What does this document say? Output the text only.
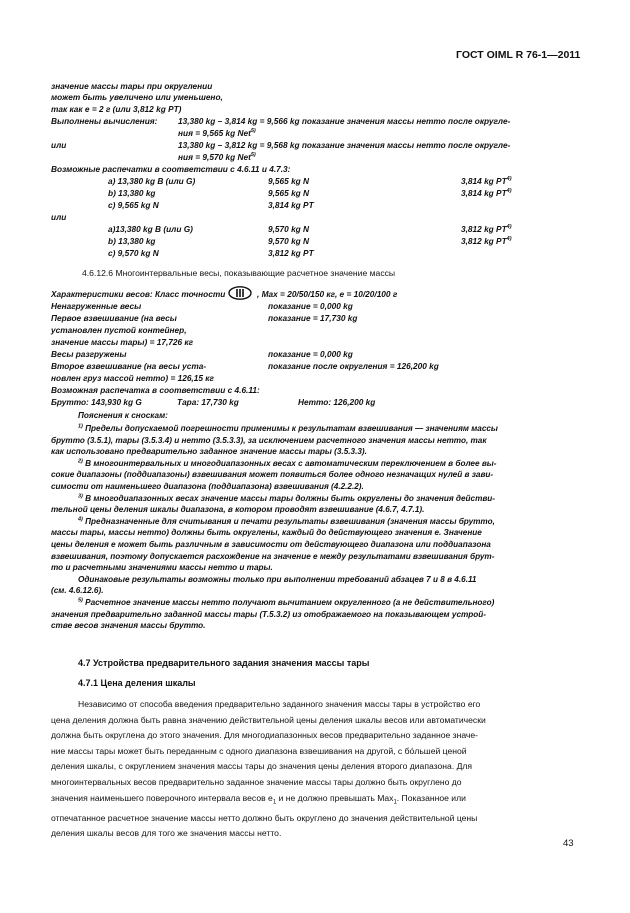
ГОСТ OIML R 76-1—2011
значение массы тары при округлении
может быть увеличено или уменьшено,
так как e = 2 г (или 3,812 kg PT)
Выполнены вычисления: 13,380 kg – 3,814 kg = 9,566 kg показание значения массы нетто после округле-
ния = 9,565 kg Net$^{5)}$
или	13,380 kg – 3,812 kg = 9,568 kg показание значения массы нетто после округле-
ния = 9,570 kg Net$^{5)}$
Возможные распечатки в соответствии с 4.6.11 и 4.7.3:
a) 13,380 kg B (или G)	9,565 kg N	3,814 kg PT$^{4)}$
b) 13,380 kg	9,565 kg N	3,814 kg PT$^{4)}$
c) 9,565 kg N	3,814 kg PT
или
a)13,380 kg B (или G)	9,570 kg N	3,812 kg PT$^{4)}$
b) 13,380 kg	9,570 kg N	3,812 kg PT$^{4)}$
c) 9,570 kg N	3,812 kg PT
4.6.12.6 Многоинтервальные весы, показывающие расчетное значение массы
Характеристики весов: Класс точности	, Max = 20/50/150 кг, e = 10/20/100 г
Ненагруженные весы	показание = 0,000 kg
Первое взвешивание (на весы	показание = 17,730 kg
установлен пустой контейнер,
значение массы тары) = 17,726 кг
Весы разгружены	показание = 0,000 kg
Второе взвешивание (на весы уста-	показание после округления = 126,200 kg
новлен груз массой нетто) = 126,15 кг
Возможная распечатка в соответствии с 4.6.11:
Брутто: 143,930 kg G	Тара: 17,730 kg	Нетто: 126,200 kg
Пояснения к сноскам:
$^{1)}$ Пределы допускаемой погрешности применимы к результатам взвешивания — значениям массы
брутто (3.5.1), тары (3.5.3.4) и нетто (3.5.3.3), за исключением расчетного значения массы нетто, так
как использовано предварительно заданное значение массы тары (3.5.3.3).
$^{2)}$ В многоинтервальных и многодиапазонных весах с автоматическим переключением в более вы-
сокие диапазоны (поддиапазоны) взвешивания может появиться более одного незначащих нулей в зави-
симости от наименьшего диапазона (поддиапазона) взвешивания (4.2.2.2).
$^{3)}$ В многодиапазонных весах значение массы тары должны быть округлены до значения действи-
тельной цены деления шкалы диапазона, в котором проводят взвешивание (4.6.7, 4.7.1).
$^{4)}$ Предназначенные для считывания и печати результаты взвешивания (значения массы брутто,
массы тары, массы нетто) должны быть округлены, каждый до действующего значения e. Значение
цены деления e может быть различным в зависимости от действующего диапазона или поддиапазона
взвешивания, поэтому допускается расхождение на значение e между результатами взвешивания брут-
то и расчетными значениями массы нетто и тары.
Одинаковые результаты возможны только при выполнении требований абзацев 7 и 8 в 4.6.11
(см. 4.6.12.6).
$^{5)}$ Расчетное значение массы нетто получают вычитанием округленного (а не действительного)
значения предварительно заданной массы тары (Т.5.3.2) из отображаемого на показывающем устрой-
стве весов значения массы брутто.
4.7 Устройства предварительного задания значения массы тары
4.7.1 Цена деления шкалы
Независимо от способа введения предварительно заданного значения массы тары в устройство его
цена деления должна быть равна значению действительной цены деления шкалы весов или автоматически
должна быть округлена до этого значения. Для многодиапазонных весов предварительно заданное значе-
ние массы тары может быть переданным с одного диапазона взвешивания на другой, с бо́льшей ценой
деления шкалы, с округлением значения массы тары до значения цены деления второго диапазона. Для
многоинтервальных весов предварительно заданное значение массы тары должно быть округлено до
значения наименьшего поверочного интервала весов $e_1$ и не должно превышать Max$_1$. Показанное или
отпечатанное расчетное значение массы нетто должно быть округлено до значения действительной цены
деления шкалы весов для того же значения массы нетто.
43
